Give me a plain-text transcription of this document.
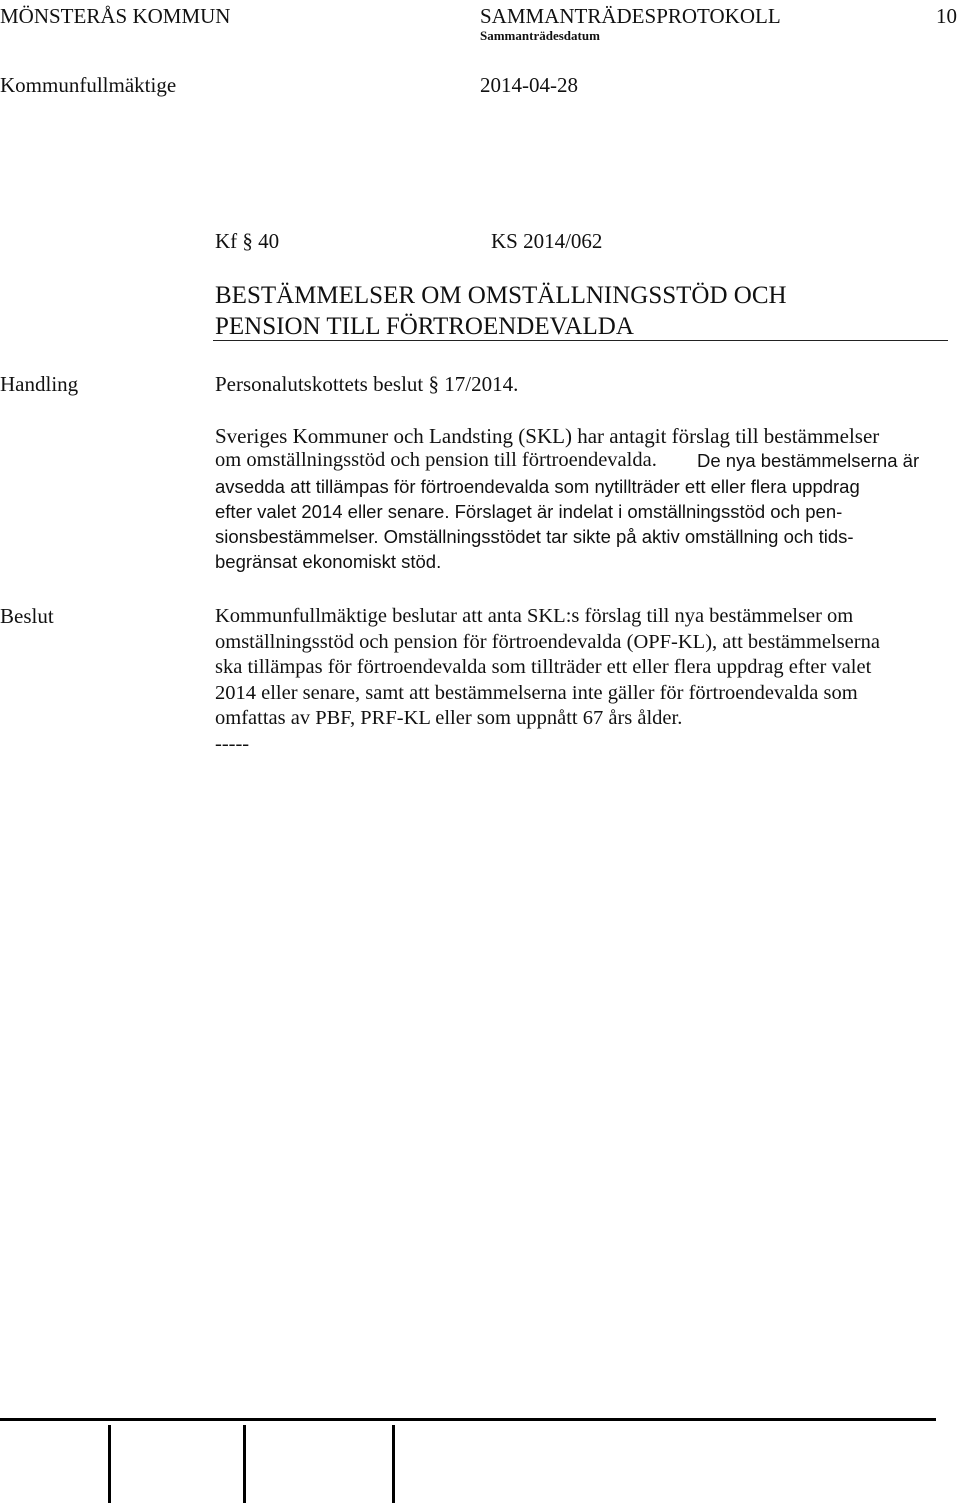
MÖNSTERÅS KOMMUN	SAMMANTRÄDESPROTOKOLL	10
Sammanträdesdatum
Kommunfullmäktige	2014-04-28
Kf § 40	KS 2014/062
BESTÄMMELSER OM OMSTÄLLNINGSSTÖD OCH
PENSION TILL FÖRTROENDEVALDA
Handling	Personalutskottets beslut § 17/2014.
Sveriges Kommuner och Landsting (SKL) har antagit förslag till bestämmelser
om omställningsstöd och pension till förtroendevalda. De nya bestämmelserna är
avsedda att tillämpas för förtroendevalda som nytillträder ett eller flera uppdrag
efter valet 2014 eller senare. Förslaget är indelat i omställningsstöd och pen-
sionsbestämmelser. Omställningsstödet tar sikte på aktiv omställning och tids-
begränsat ekonomiskt stöd.
Beslut	Kommunfullmäktige beslutar att anta SKL:s förslag till nya bestämmelser om
omställningsstöd och pension för förtroendevalda (OPF-KL), att bestämmelserna
ska tillämpas för förtroendevalda som tillträder ett eller flera uppdrag efter valet
2014 eller senare, samt att bestämmelserna inte gäller för förtroendevalda som
omfattas av PBF, PRF-KL eller som uppnått 67 års ålder.
-----
